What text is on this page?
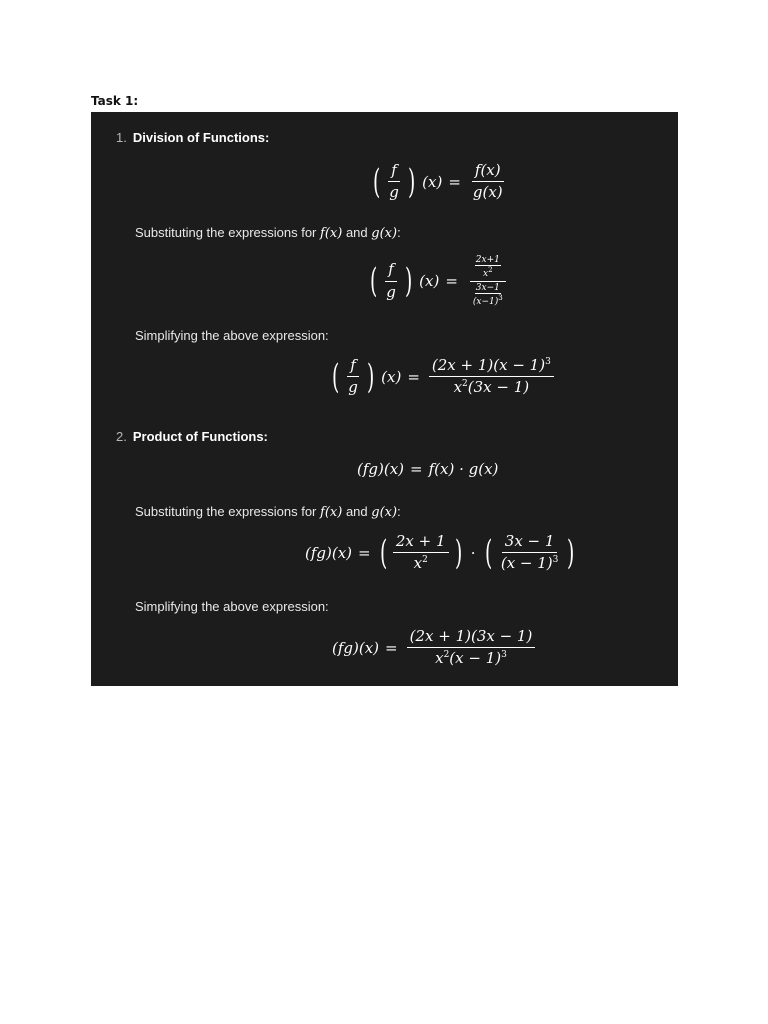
Task 1:
1. Division of Functions:
( $\frac{f}{g}$ ) $(x) = \frac{f(x)}{g(x)}$
Substituting the expressions for f(x) and g(x):
( $\frac{f}{g}$ ) $(x) = \frac{\frac{2x+1}{x^2}}{\frac{3x-1}{(x-1)^3}}$
Simplifying the above expression:
( $\frac{f}{g}$ ) $(x) = \frac{(2x + 1)(x - 1)^3}{x^2(3x - 1)}$
2. Product of Functions:
(fg)(x) = f(x) · g(x)
Substituting the expressions for f(x) and g(x):
(fg)(x) = ( $\frac{2x + 1}{x^2}$ ) · ( $\frac{3x - 1}{(x - 1)^3}$ )
Simplifying the above expression:
$(fg)(x) = \frac{(2x + 1)(3x - 1)}{x^2(x - 1)^3}$
